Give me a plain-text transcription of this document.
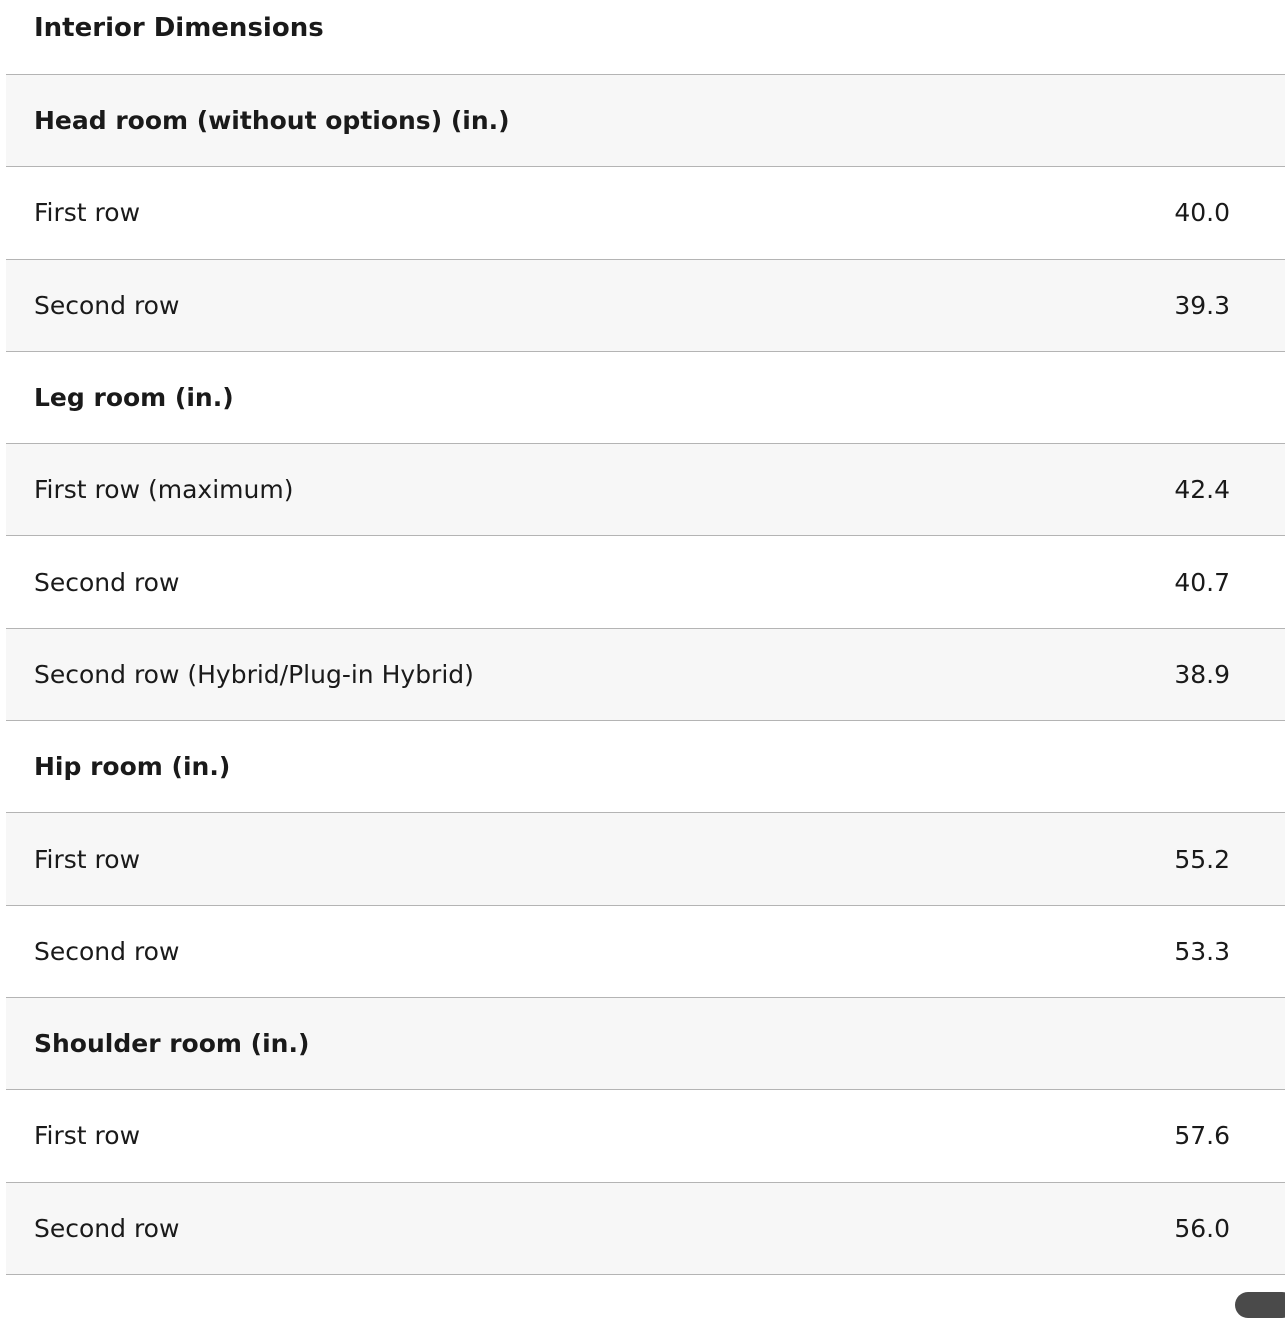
Interior Dimensions
Head room (without options) (in.)
First row	40.0
Second row	39.3
Leg room (in.)
First row (maximum)	42.4
Second row	40.7
Second row (Hybrid/Plug-in Hybrid)	38.9
Hip room (in.)
First row	55.2
Second row	53.3
Shoulder room (in.)
First row	57.6
Second row	56.0
